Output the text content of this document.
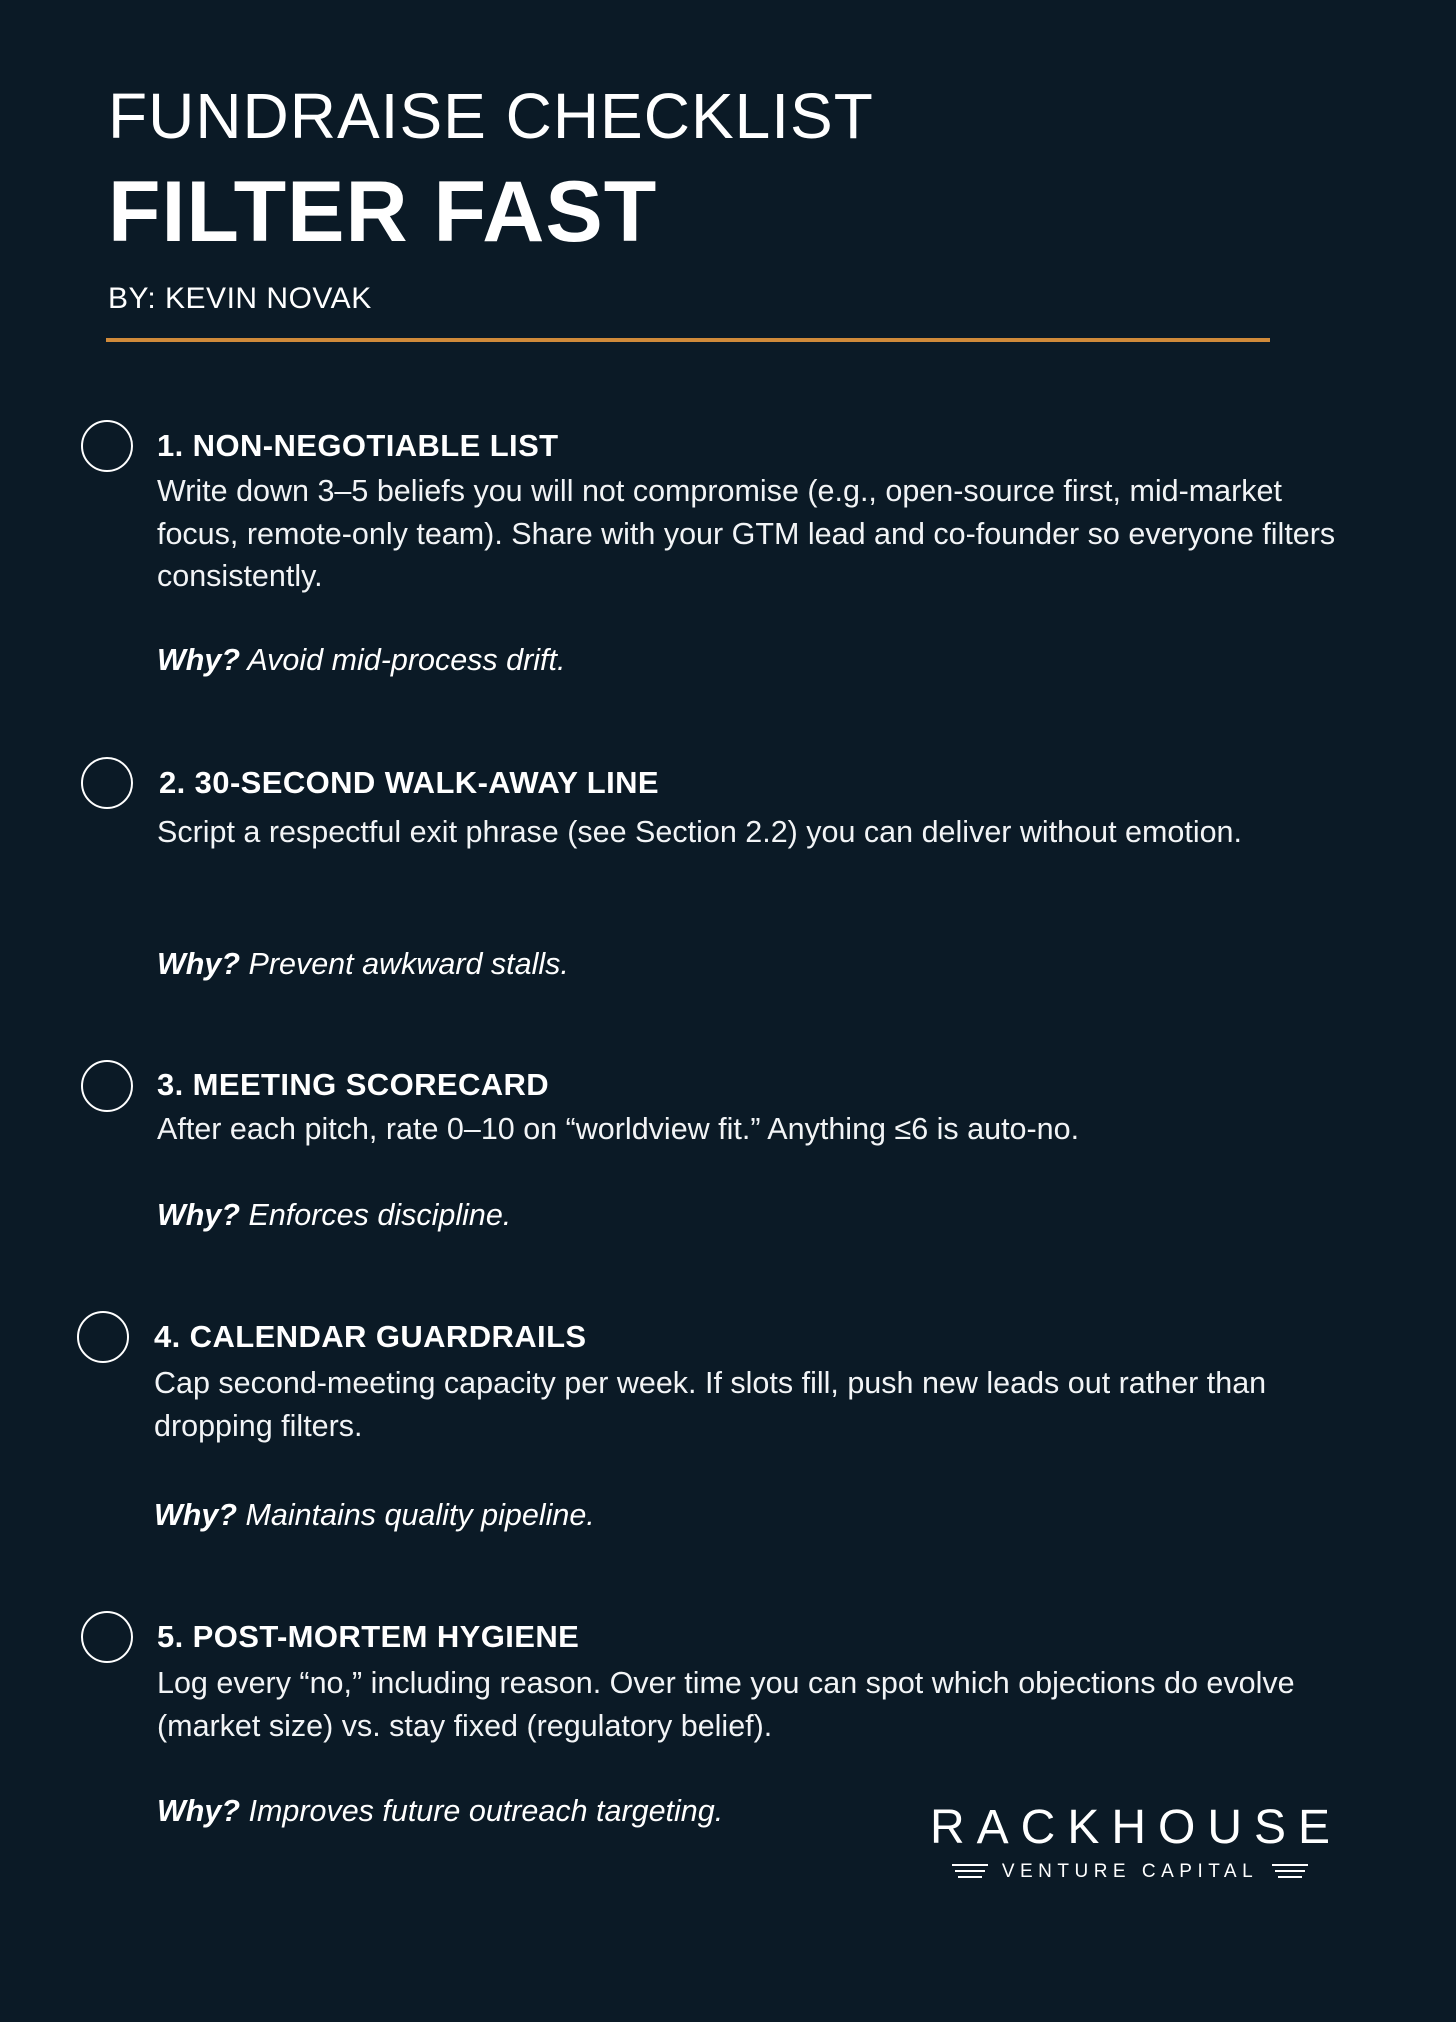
FUNDRAISE CHECKLIST
FILTER FAST
BY: KEVIN NOVAK
1. NON-NEGOTIABLE LIST
Write down 3–5 beliefs you will not compromise (e.g., open-source first, mid-market focus, remote-only team). Share with your GTM lead and co-founder so everyone filters consistently.
Why? Avoid mid-process drift.
2. 30-SECOND WALK-AWAY LINE
Script a respectful exit phrase (see Section 2.2) you can deliver without emotion.
Why? Prevent awkward stalls.
3. MEETING SCORECARD
After each pitch, rate 0–10 on “worldview fit.” Anything ≤6 is auto-no.
Why? Enforces discipline.
4. CALENDAR GUARDRAILS
Cap second-meeting capacity per week. If slots fill, push new leads out rather than dropping filters.
Why? Maintains quality pipeline.
5. POST-MORTEM HYGIENE
Log every “no,” including reason. Over time you can spot which objections do evolve (market size) vs. stay fixed (regulatory belief).
Why? Improves future outreach targeting.	RACKHOUSE
VENTURE CAPITAL
